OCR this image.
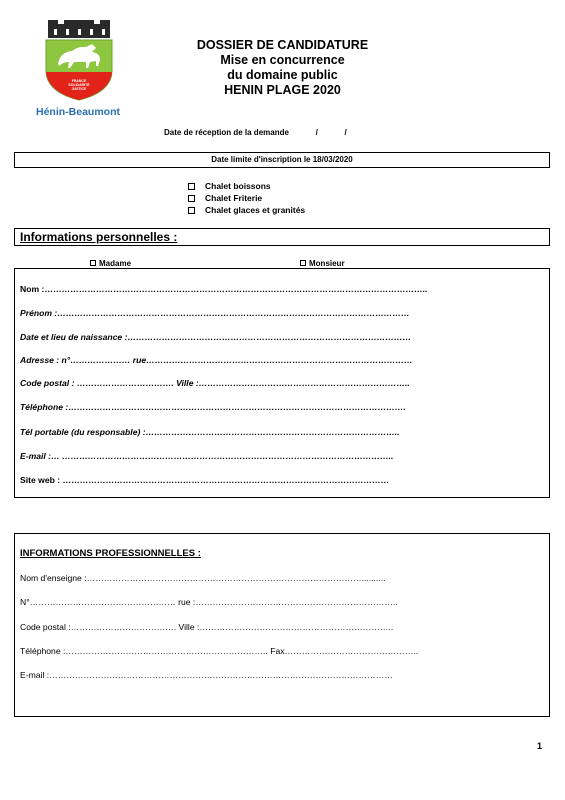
FRANCE
SOLIDARITÉ
JUSTICE
Hénin-Beaumont
DOSSIER DE CANDIDATURE
Mise en concurrence
du domaine public
HENIN PLAGE 2020
Date de réception de la demande            /            /
Date limite d'inscription le 18/03/2020
Chalet boissons
Chalet Friterie
Chalet glaces et granités
Informations personnelles :
Madame	Monsieur
Nom :……………………………………………………………………………………………………………………..
Prénom :……………………………………………………………………………………………………………
Date et lieu de naissance :………………………………………………………………………………………
Adresse : n°………………… rue…………………………………………………………………………………
Code postal : ……………………………. Ville :………………………………………………………………..
Téléphone :……………………………………………………………………………………………………….
Tél portable (du responsable) :……………………………………………………………………………..
E-mail :… ……………………………………………………………………………………………………..
Site web : ……………………………………………………………………………………………………
INFORMATIONS PROFESSIONNELLES :
Nom d'enseigne :……………………………………………………………………………………..........
N°…………………………………………… rue :……………………………………………………………..
Code postal :………………………………. Ville :…………………………………………………………..
Téléphone :…………………………………………………………….. Fax………………………………………..
E-mail :…………………………………………………………………………………………………………
1
